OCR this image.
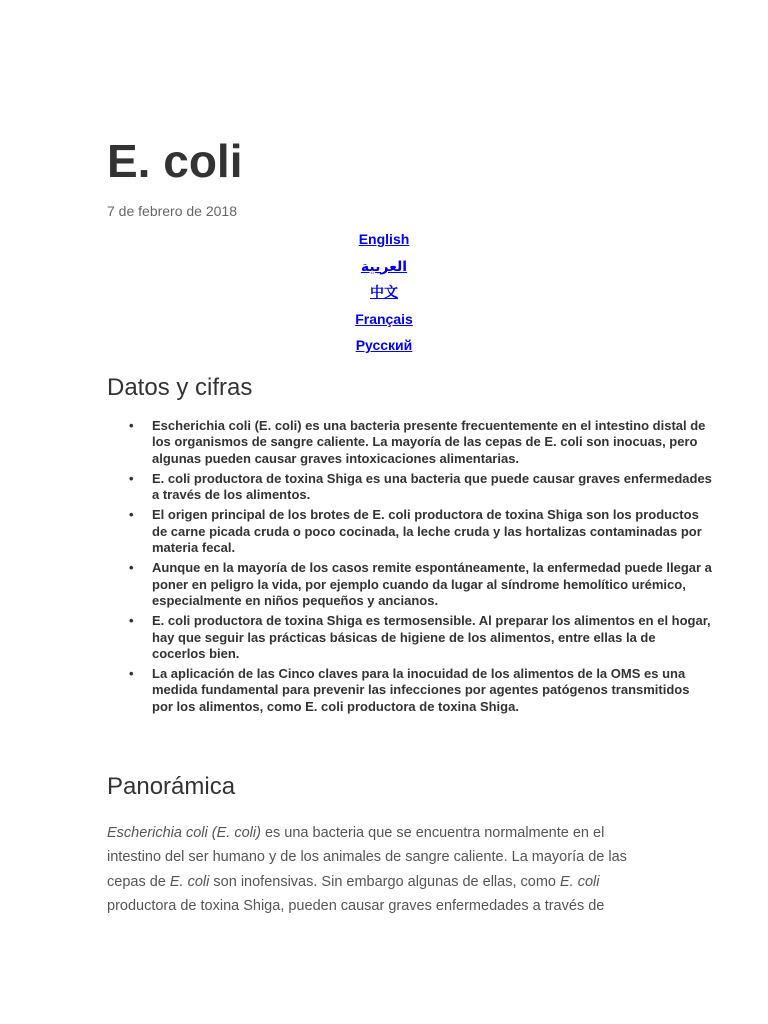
E. coli
7 de febrero de 2018
English
العربية
中文
Français
Русский
Datos y cifras
• Escherichia coli (E. coli) es una bacteria presente frecuentemente en el intestino distal de los organismos de sangre caliente. La mayoría de las cepas de E. coli son inocuas, pero algunas pueden causar graves intoxicaciones alimentarias.
• E. coli productora de toxina Shiga es una bacteria que puede causar graves enfermedades a través de los alimentos.
• El origen principal de los brotes de E. coli productora de toxina Shiga son los productos de carne picada cruda o poco cocinada, la leche cruda y las hortalizas contaminadas por materia fecal.
• Aunque en la mayoría de los casos remite espontáneamente, la enfermedad puede llegar a poner en peligro la vida, por ejemplo cuando da lugar al síndrome hemolítico urémico, especialmente en niños pequeños y ancianos.
• E. coli productora de toxina Shiga es termosensible. Al preparar los alimentos en el hogar, hay que seguir las prácticas básicas de higiene de los alimentos, entre ellas la de cocerlos bien.
• La aplicación de las Cinco claves para la inocuidad de los alimentos de la OMS es una medida fundamental para prevenir las infecciones por agentes patógenos transmitidos por los alimentos, como E. coli productora de toxina Shiga.
Panorámica

Escherichia coli (E. coli) es una bacteria que se encuentra normalmente en el intestino del ser humano y de los animales de sangre caliente. La mayoría de las cepas de E. coli son inofensivas. Sin embargo algunas de ellas, como E. coli productora de toxina Shiga, pueden causar graves enfermedades a través de
